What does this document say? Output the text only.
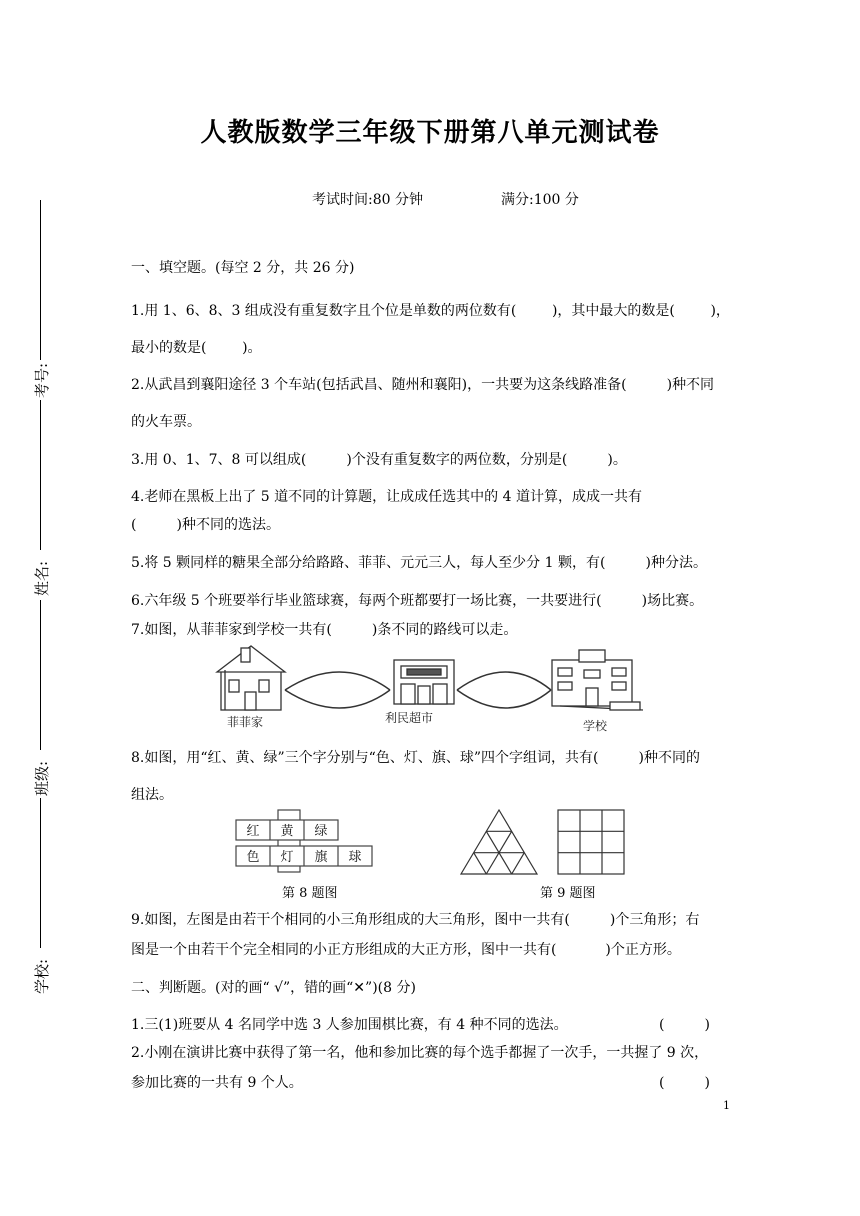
考号:
姓名:
班级:
学校:
人教版数学三年级下册第八单元测试卷
考试时间:80 分钟	满分:100 分
一、填空题。(每空 2 分，共 26 分)
1.用 1、6、8、3 组成没有重复数字且个位是单数的两位数有(        )，其中最大的数是(        )，
最小的数是(        )。
2.从武昌到襄阳途径 3 个车站(包括武昌、随州和襄阳)，一共要为这条线路准备(         )种不同
的火车票。
3.用 0、1、7、8 可以组成(         )个没有重复数字的两位数，分别是(         )。
4.老师在黑板上出了 5 道不同的计算题，让成成任选其中的 4 道计算，成成一共有
(         )种不同的选法。
5.将 5 颗同样的糖果全部分给路路、菲菲、元元三人，每人至少分 1 颗，有(         )种分法。
6.六年级 5 个班要举行毕业篮球赛，每两个班都要打一场比赛，一共要进行(         )场比赛。
7.如图，从菲菲家到学校一共有(         )条不同的路线可以走。
菲菲家	利民超市
学校
8.如图，用“红、黄、绿”三个字分别与“色、灯、旗、球”四个字组词，共有(         )种不同的
组法。
红 黄 绿
色 灯 旗 球
第 8 题图	第 9 题图
9.如图，左图是由若干个相同的小三角形组成的大三角形，图中一共有(         )个三角形；右
图是一个由若干个完全相同的小正方形组成的大正方形，图中一共有(           )个正方形。
二、判断题。(对的画“ √”，错的画“✕”)(8 分)
1.三(1)班要从 4 名同学中选 3 人参加围棋比赛，有 4 种不同的选法。	(         )
2.小刚在演讲比赛中获得了第一名，他和参加比赛的每个选手都握了一次手，一共握了 9 次，
参加比赛的一共有 9 个人。	(         )
1
